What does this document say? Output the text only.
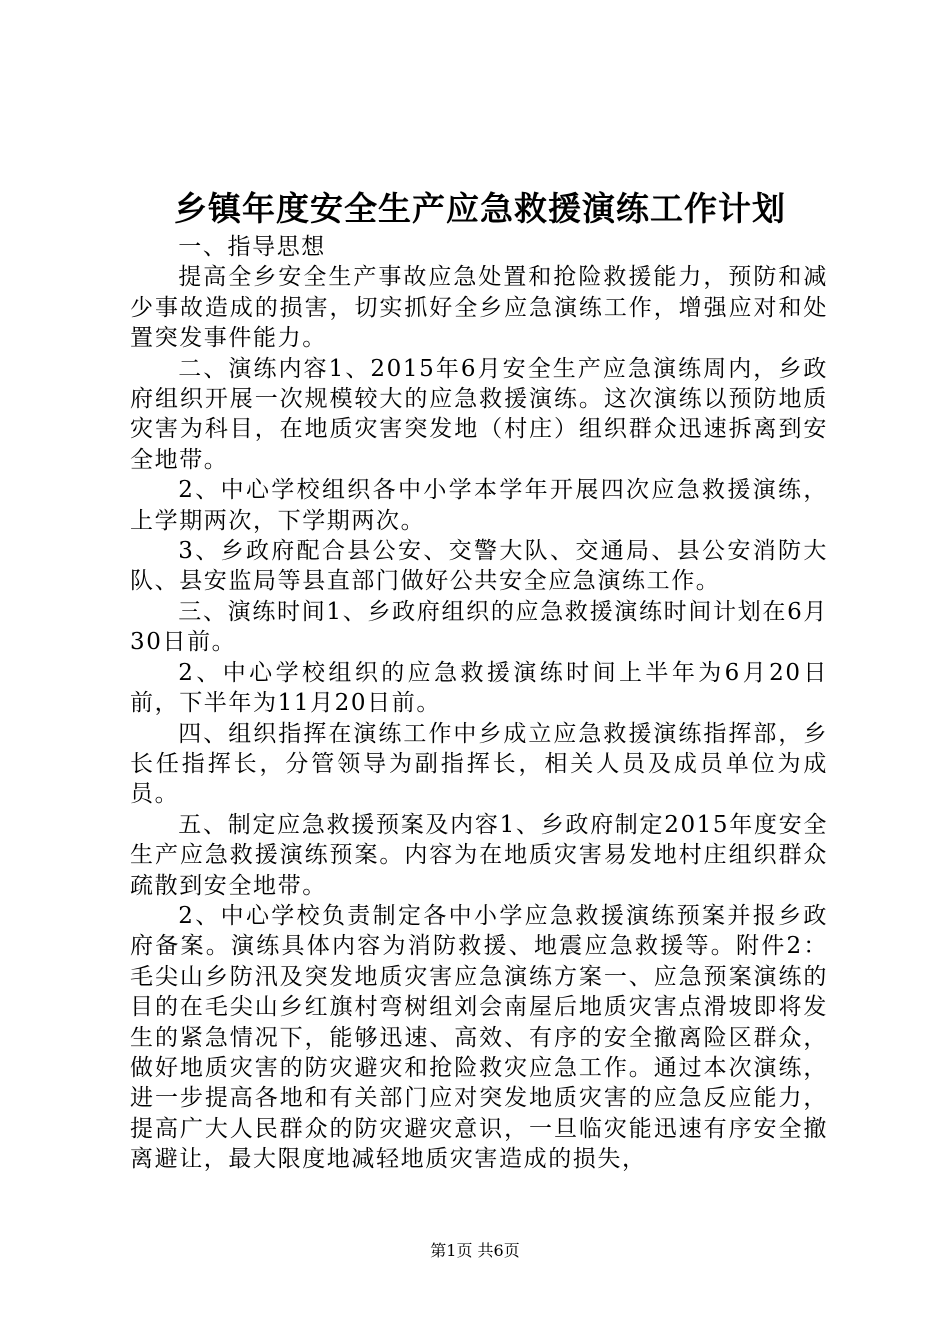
乡镇年度安全生产应急救援演练工作计划

一、指导思想

提高全乡安全生产事故应急处置和抢险救援能力，预防和减少事故造成的损害，切实抓好全乡应急演练工作，增强应对和处置突发事件能力。

二、演练内容1、2015年6月安全生产应急演练周内，乡政府组织开展一次规模较大的应急救援演练。这次演练以预防地质灾害为科目，在地质灾害突发地（村庄）组织群众迅速拆离到安全地带。

2、中心学校组织各中小学本学年开展四次应急救援演练，上学期两次，下学期两次。

3、乡政府配合县公安、交警大队、交通局、县公安消防大队、县安监局等县直部门做好公共安全应急演练工作。

三、演练时间1、乡政府组织的应急救援演练时间计划在6月30日前。

2、中心学校组织的应急救援演练时间上半年为6月20日前，下半年为11月20日前。

四、组织指挥在演练工作中乡成立应急救援演练指挥部，乡长任指挥长，分管领导为副指挥长，相关人员及成员单位为成员。

五、制定应急救援预案及内容1、乡政府制定2015年度安全生产应急救援演练预案。内容为在地质灾害易发地村庄组织群众疏散到安全地带。

2、中心学校负责制定各中小学应急救援演练预案并报乡政府备案。演练具体内容为消防救援、地震应急救援等。附件2：毛尖山乡防汛及突发地质灾害应急演练方案一、应急预案演练的目的在毛尖山乡红旗村弯树组刘会南屋后地质灾害点滑坡即将发生的紧急情况下，能够迅速、高效、有序的安全撤离险区群众，做好地质灾害的防灾避灾和抢险救灾应急工作。通过本次演练，进一步提高各地和有关部门应对突发地质灾害的应急反应能力，提高广大人民群众的防灾避灾意识，一旦临灾能迅速有序安全撤离避让，最大限度地减轻地质灾害造成的损失，

第1页 共6页
